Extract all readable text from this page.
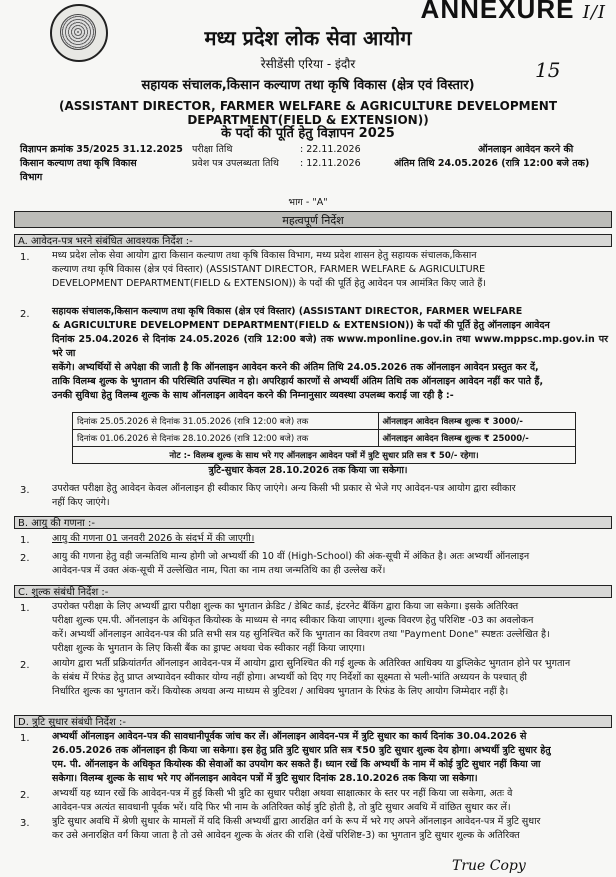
ANNEXURE I/I
15
मध्य प्रदेश लोक सेवा आयोग
रेसीडेंसी एरिया - इंदौर
सहायक संचालक,किसान कल्याण तथा कृषि विकास (क्षेत्र एवं विस्तार)
(ASSISTANT DIRECTOR, FARMER WELFARE & AGRICULTURE DEVELOPMENT DEPARTMENT(FIELD & EXTENSION))
के पदों की पूर्ति हेतु विज्ञापन 2025
विज्ञापन क्रमांक 35/2025 31.12.2025
किसान कल्याण तथा कृषि विकास
विभाग
परीक्षा तिथि	: 22.11.2026
प्रवेश पत्र उपलब्धता तिथि : 12.11.2026
ऑनलाइन आवेदन करने की
अंतिम तिथि 24.05.2026 (रात्रि 12:00 बजे तक)
भाग - "A"
महत्वपूर्ण निर्देश
A. आवेदन-पत्र भरने संबंधित आवश्यक निर्देश :-
1. मध्य प्रदेश लोक सेवा आयोग द्वारा किसान कल्याण तथा कृषि विकास विभाग, मध्य प्रदेश शासन हेतु सहायक संचालक,किसान
कल्याण तथा कृषि विकास (क्षेत्र एवं विस्तार) (ASSISTANT DIRECTOR, FARMER WELFARE & AGRICULTURE
DEVELOPMENT DEPARTMENT(FIELD & EXTENSION)) के पदों की पूर्ति हेतु आवेदन पत्र आमंत्रित किए जाते हैं।
2. सहायक संचालक,किसान कल्याण तथा कृषि विकास (क्षेत्र एवं विस्तार) (ASSISTANT DIRECTOR, FARMER WELFARE
& AGRICULTURE DEVELOPMENT DEPARTMENT(FIELD & EXTENSION)) के पदों की पूर्ति हेतु ऑनलाइन आवेदन
दिनांक 25.04.2026 से दिनांक 24.05.2026 (रात्रि 12:00 बजे) तक www.mponline.gov.in तथा www.mppsc.mp.gov.in पर भरे जा
सकेंगे। अभ्यर्थियों से अपेक्षा की जाती है कि ऑनलाइन आवेदन करने की अंतिम तिथि 24.05.2026 तक ऑनलाइन आवेदन प्रस्तुत कर दें,
ताकि विलम्ब शुल्क के भुगतान की परिस्थिति उपस्थित न हो। अपरिहार्य कारणों से अभ्यर्थी अंतिम तिथि तक ऑनलाइन आवेदन नहीं कर पाते हैं,
उनकी सुविधा हेतु विलम्ब शुल्क के साथ ऑनलाइन आवेदन करने की निम्नानुसार व्यवस्था उपलब्ध कराई जा रही है :-
दिनांक 25.05.2026 से दिनांक 31.05.2026 (रात्रि 12:00 बजे) तक	ऑनलाइन आवेदन विलम्ब शुल्क ₹ 3000/-
दिनांक 01.06.2026 से दिनांक 28.10.2026 (रात्रि 12:00 बजे) तक	ऑनलाइन आवेदन विलम्ब शुल्क ₹ 25000/-
नोट :- विलम्ब शुल्क के साथ भरे गए ऑनलाइन आवेदन पत्रों में त्रुटि सुधार प्रति सत्र ₹ 50/- रहेगा।	
त्रुटि-सुधार केवल 28.10.2026 तक किया जा सकेगा।
3. उपरोक्त परीक्षा हेतु आवेदन केवल ऑनलाइन ही स्वीकार किए जाएंगे। अन्य किसी भी प्रकार से भेजे गए आवेदन-पत्र आयोग द्वारा स्वीकार
नहीं किए जाएंगे।
B. आयु की गणना :-
1. आयु की गणना 01 जनवरी 2026 के संदर्भ में की जाएगी।
2. आयु की गणना हेतु वही जन्मतिथि मान्य होगी जो अभ्यर्थी की 10 वीं (High-School) की अंक-सूची में अंकित है। अतः अभ्यर्थी ऑनलाइन
आवेदन-पत्र में उक्त अंक-सूची में उल्लेखित नाम, पिता का नाम तथा जन्मतिथि का ही उल्लेख करें।
C. शुल्क संबंधी निर्देश :-
1. उपरोक्त परीक्षा के लिए अभ्यर्थी द्वारा परीक्षा शुल्क का भुगतान क्रेडिट / डेबिट कार्ड, इंटरनेट बैंकिंग द्वारा किया जा सकेगा। इसके अतिरिक्त
परीक्षा शुल्क एम.पी. ऑनलाइन के अधिकृत कियोस्क के माध्यम से नगद स्वीकार किया जाएगा। शुल्क विवरण हेतु परिशिष्ट -03 का अवलोकन
करें। अभ्यर्थी ऑनलाइन आवेदन-पत्र की प्रति सभी सत्र यह सुनिश्चित करें कि भुगतान का विवरण तथा "Payment Done" स्पष्टतः उल्लेखित है।
परीक्षा शुल्क के भुगतान के लिए किसी बैंक का ड्राफ्ट अथवा चेक स्वीकार नहीं किया जाएगा।
2. आयोग द्वारा भर्ती प्रक्रियांतर्गत ऑनलाइन आवेदन-पत्र में आयोग द्वारा सुनिश्चित की गई शुल्क के अतिरिक्त आधिक्य या डुप्लिकेट भुगतान होने पर भुगतान
के संबंध में रिफंड हेतु प्राप्त अभ्यावेदन स्वीकार योग्य नहीं होगा। अभ्यर्थी को दिए गए निर्देशों का सूक्ष्मता से भली-भांति अध्ययन के पश्चात् ही
निर्धारित शुल्क का भुगतान करें। कियोस्क अथवा अन्य माध्यम से त्रुटिवश / आधिक्य भुगतान के रिफंड के लिए आयोग जिम्मेदार नहीं है।
D. त्रुटि सुधार संबंधी निर्देश :-
1. अभ्यर्थी ऑनलाइन आवेदन-पत्र की सावधानीपूर्वक जांच कर लें। ऑनलाइन आवेदन-पत्र में त्रुटि सुधार का कार्य दिनांक 30.04.2026 से
26.05.2026 तक ऑनलाइन ही किया जा सकेगा। इस हेतु प्रति त्रुटि सुधार प्रति सत्र ₹50 त्रुटि सुधार शुल्क देय होगा। अभ्यर्थी त्रुटि सुधार हेतु
एम. पी. ऑनलाइन के अधिकृत कियोस्क की सेवाओं का उपयोग कर सकते हैं। ध्यान रखें कि अभ्यर्थी के नाम में कोई त्रुटि सुधार नहीं किया जा
सकेगा। विलम्ब शुल्क के साथ भरे गए ऑनलाइन आवेदन पत्रों में त्रुटि सुधार दिनांक 28.10.2026 तक किया जा सकेगा।
2. अभ्यर्थी यह ध्यान रखें कि आवेदन-पत्र में हुई किसी भी त्रुटि का सुधार परीक्षा अथवा साक्षात्कार के स्तर पर नहीं किया जा सकेगा, अतः वे
आवेदन-पत्र अत्यंत सावधानी पूर्वक भरें। यदि फिर भी नाम के अतिरिक्त कोई त्रुटि होती है, तो त्रुटि सुधार अवधि में वांछित सुधार कर लें।
3. त्रुटि सुधार अवधि में श्रेणी सुधार के मामलों में यदि किसी अभ्यर्थी द्वारा आरक्षित वर्ग के रूप में भरे गए अपने ऑनलाइन आवेदन-पत्र में त्रुटि सुधार
कर उसे अनारक्षित वर्ग किया जाता है तो उसे आवेदन शुल्क के अंतर की राशि (देखें परिशिष्ट-3) का भुगतान त्रुटि सुधार शुल्क के अतिरिक्त
True Copy
